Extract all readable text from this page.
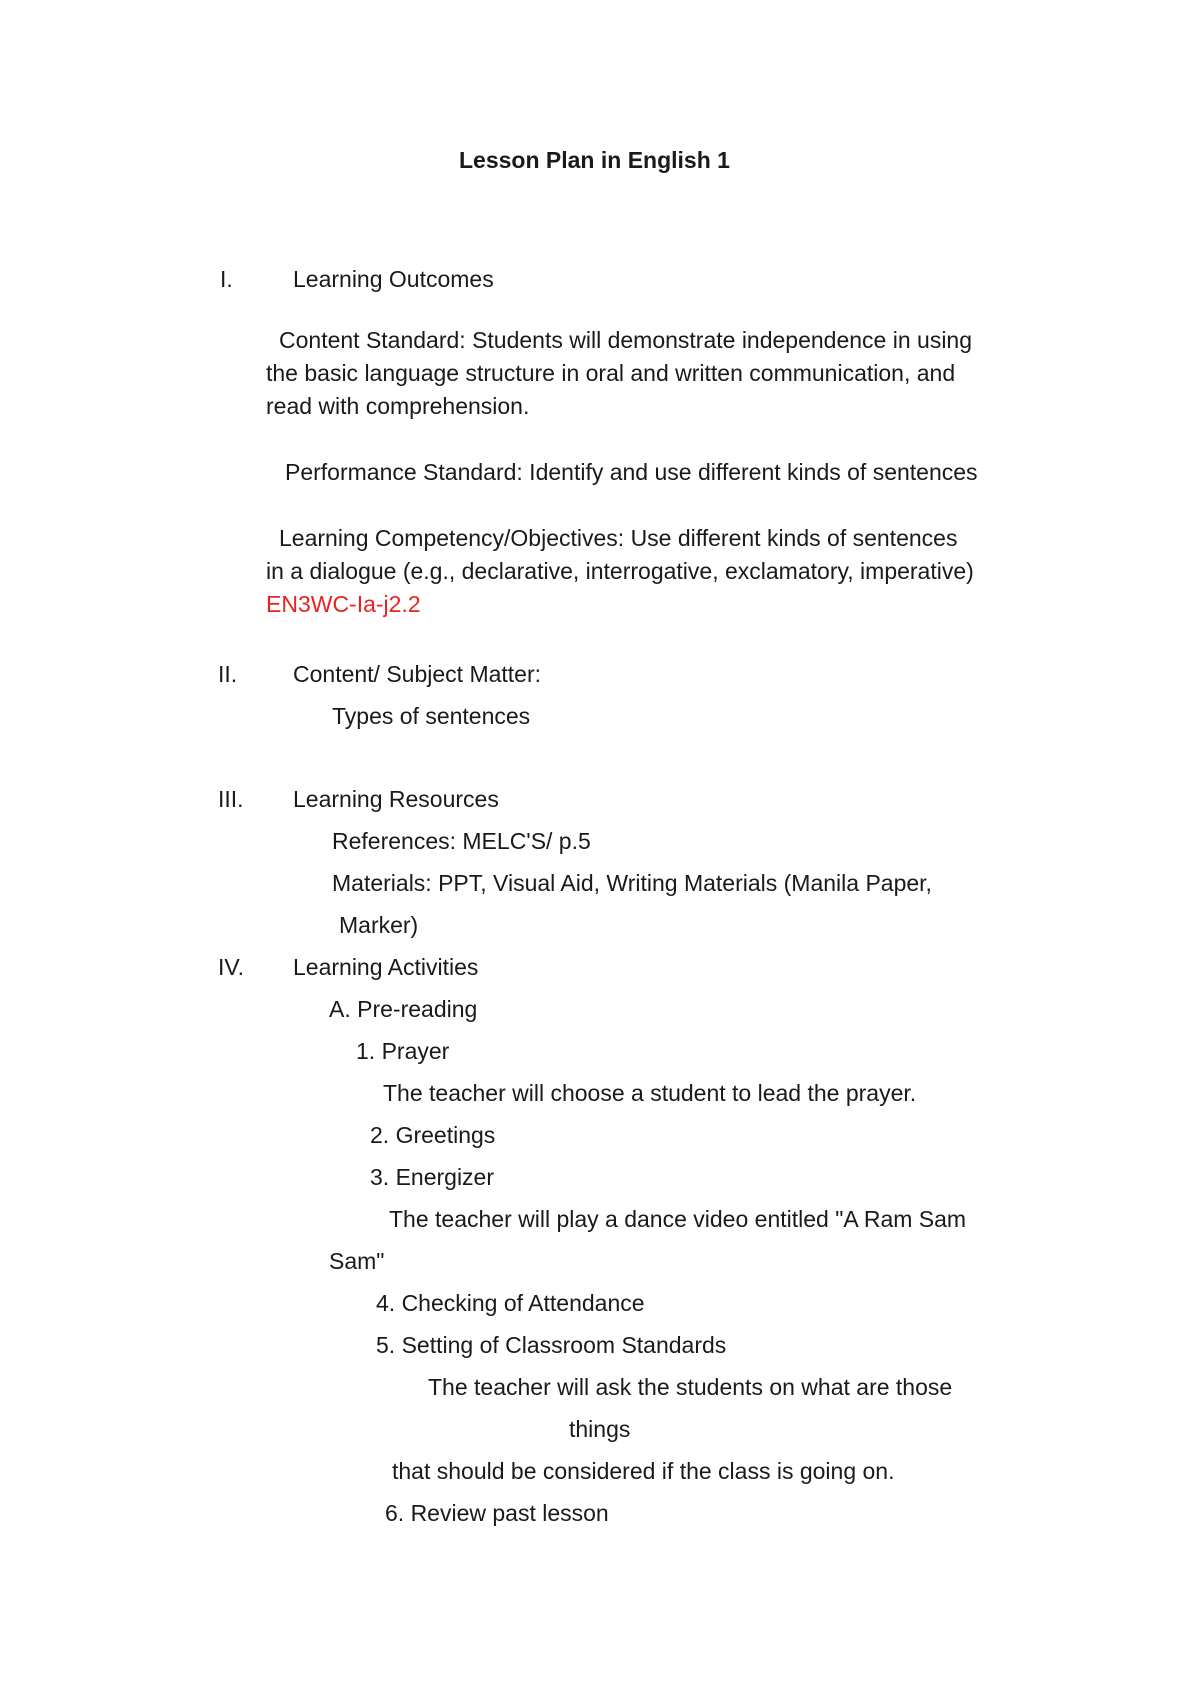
Lesson Plan in English 1
I.	Learning Outcomes
Content Standard: Students will demonstrate independence in using
the basic language structure in oral and written communication, and
read with comprehension.
Performance Standard: Identify and use different kinds of sentences
Learning Competency/Objectives: Use different kinds of sentences
in a dialogue (e.g., declarative, interrogative, exclamatory, imperative)
EN3WC-Ia-j2.2
II. Content/ Subject Matter:
Types of sentences
III. Learning Resources
References: MELC'S/ p.5
Materials: PPT, Visual Aid, Writing Materials (Manila Paper,
Marker)
IV. Learning Activities
A. Pre-reading
1. Prayer
The teacher will choose a student to lead the prayer.
2. Greetings
3. Energizer
The teacher will play a dance video entitled "A Ram Sam
Sam"
4. Checking of Attendance
5. Setting of Classroom Standards
The teacher will ask the students on what are those
things
that should be considered if the class is going on.
6. Review past lesson
